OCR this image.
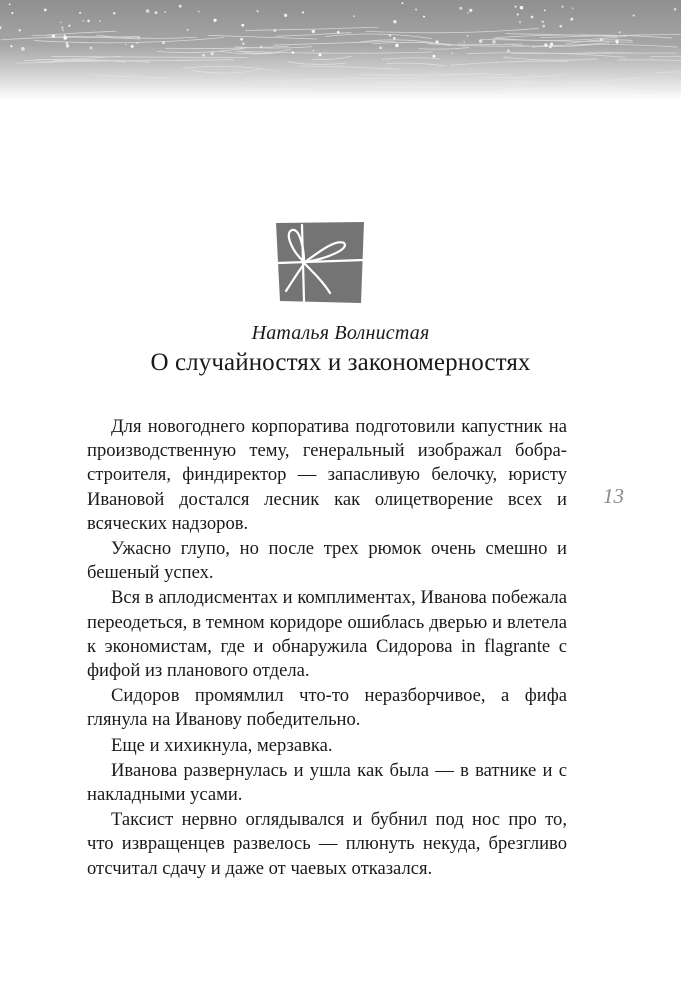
Наталья Волнистая
О случайностях и закономерностях

Для новогоднего корпоратива подготовили капустник на производственную тему, генеральный изображал бобра-строителя, финдиректор — запасливую белочку, юристу Ивановой достался лесник как олицетворение всех и всяческих надзоров.

Ужасно глупо, но после трех рюмок очень смешно и бешеный успех.

Вся в аплодисментах и комплиментах, Иванова побежала переодеться, в темном коридоре ошиблась дверью и влетела к экономистам, где и обнаружила Сидорова in flagrante с фифой из планового отдела.

Сидоров промямлил что-то неразборчивое, а фифа глянула на Иванову победительно.

Еще и хихикнула, мерзавка.

Иванова развернулась и ушла как была — в ватнике и с накладными усами.

Таксист нервно оглядывался и бубнил под нос про то, что извращенцев развелось — плюнуть некуда, брезгливо отсчитал сдачу и даже от чаевых отказался.

13
